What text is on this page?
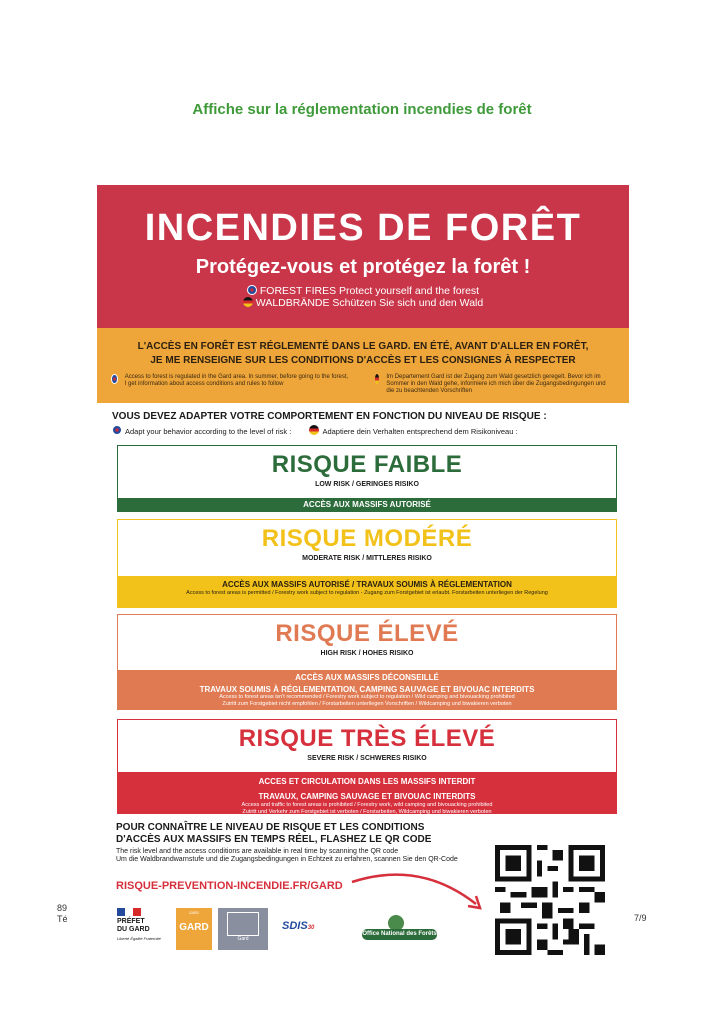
Affiche sur la réglementation incendies de forêt
INCENDIES DE FORÊT
Protégez-vous et protégez la forêt !
FOREST FIRES Protect yourself and the forest
WALDBRÄNDE Schützen Sie sich und den Wald
L'ACCÈS EN FORÊT EST RÉGLEMENTÉ DANS LE GARD. EN ÉTÉ, AVANT D'ALLER EN FORÊT,
JE ME RENSEIGNE SUR LES CONDITIONS D'ACCÈS ET LES CONSIGNES À RESPECTER
Access to forest is regulated in the Gard area. In summer, before going to the forest, I get information about access conditions and rules to follow
Im Departement Gard ist der Zugang zum Wald gesetzlich geregelt. Bevor ich im Sommer in den Wald gehe, informiere ich mich über die Zugangsbedingungen und die zu beachtenden Vorschriften
VOUS DEVEZ ADAPTER VOTRE COMPORTEMENT EN FONCTION DU NIVEAU DE RISQUE :
Adapt your behavior according to the level of risk :	Adaptiere dein Verhalten entsprechend dem Risikoniveau :
RISQUE FAIBLE
LOW RISK / GERINGES RISIKO
ACCÈS AUX MASSIFS AUTORISÉ
RISQUE MODÉRÉ
MODERATE RISK / MITTLERES RISIKO
ACCÈS AUX MASSIFS AUTORISÉ / TRAVAUX SOUMIS À RÉGLEMENTATION
Access to forest areas is permitted / Forestry work subject to regulation - Zugang zum Forstgebiet ist erlaubt. Forstarbeiten unterliegen der Regelung
RISQUE ÉLEVÉ
HIGH RISK / HOHES RISIKO
ACCÈS AUX MASSIFS DÉCONSEILLÉ
TRAVAUX SOUMIS À RÉGLEMENTATION, CAMPING SAUVAGE ET BIVOUAC INTERDITS
Access to forest areas isn't recommended / Forestry work subject to regulation / Wild camping and bivouacking prohibited
Zutritt zum Forstgebiet nicht empfohlen / Forstarbeiten unterliegen Vorschriften / Wildcamping und biwakieren verboten
RISQUE TRÈS ÉLEVÉ
SEVERE RISK / SCHWERES RISIKO
ACCES ET CIRCULATION DANS LES MASSIFS INTERDIT
TRAVAUX, CAMPING SAUVAGE ET BIVOUAC INTERDITS
Access and traffic to forest areas is prohibited / Forestry work, wild camping and bivouacking prohibited
Zutritt und Verkehr zum Forstgebiet ist verboten / Forstarbeiten, Wildcamping und biwakieren verboten
POUR CONNAÎTRE LE NIVEAU DE RISQUE ET LES CONDITIONS
D'ACCÈS AUX MASSIFS EN TEMPS RÉEL, FLASHEZ LE QR CODE
The risk level and the access conditions are available in real time by scanning the QR code
Um die Waldbrandwarnstufe und die Zugangsbedingungen in Echtzeit zu erfahren, scannen Sie den QR-Code
RISQUE-PREVENTION-INCENDIE.FR/GARD
89
Té	7/9
PRÉFET
DU GARD
Liberté Égalité Fraternité
GARD
GARD
Gard
SDIS30
Office National des Forêts
